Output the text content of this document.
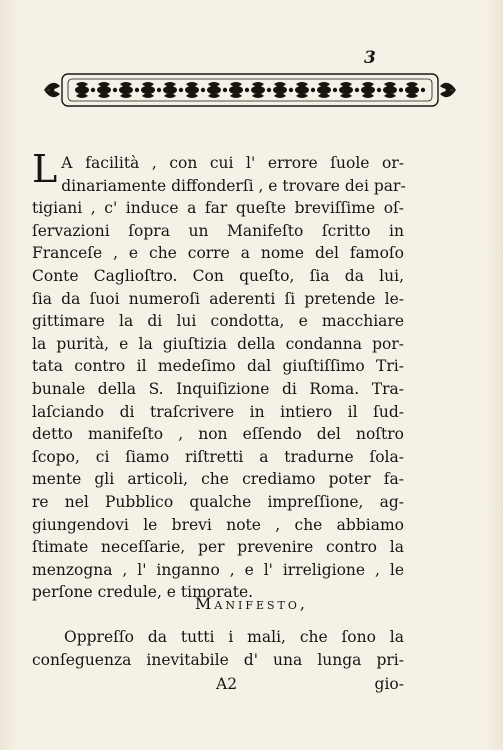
3
L A facilità , con cui l' errore ſuole or-
dinariamente diffonderſi , e trovare dei par-
tigiani , c' induce a far queſte breviſſime oſ-
ſervazioni ſopra un Manifeſto ſcritto in
Franceſe , e che corre a nome del famoſo
Conte Caglioſtro. Con queſto, ſia da lui,
ſia da ſuoi numeroſi aderenti ſi pretende le-
gittimare la di lui condotta, e macchiare
la purità, e la giuſtizia della condanna por-
tata contro il medeſimo dal giuſtiſſimo Tri-
bunale della S. Inquiſizione di Roma. Tra-
laſciando di traſcrivere in intiero il ſud-
detto manifeſto , non eſſendo del noſtro
ſcopo, ci ſiamo riſtretti a tradurne ſola-
mente gli articoli, che crediamo poter fa-
re nel Pubblico qualche impreſſione, ag-
giungendovi le brevi note , che abbiamo
ſtimate neceſſarie, per prevenire contro la
menzogna , l' inganno , e l' irreligione , le
perſone credule, e timorate.
Manifesto,
Oppreſſo da tutti i mali, che ſono la
conſeguenza inevitabile d' una lunga pri-
A2	gio-
